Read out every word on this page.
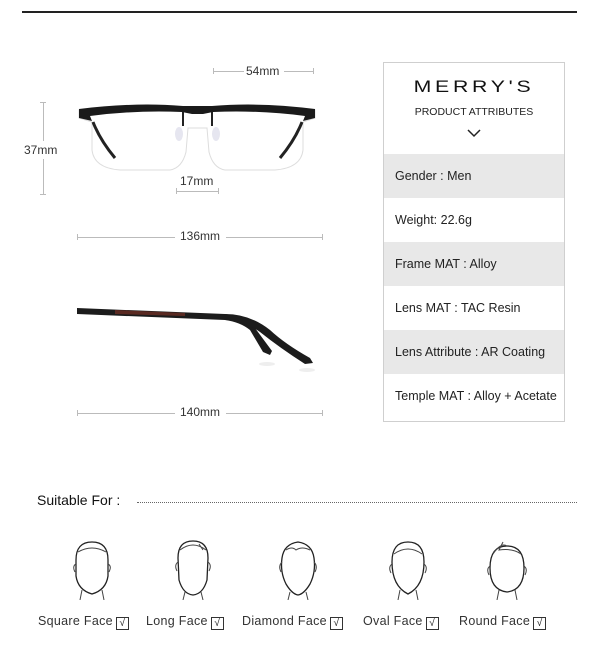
54mm
37mm
17mm
136mm
140mm
MERRY'S
PRODUCT ATTRIBUTES
Gender : Men
Weight: 22.6g
Frame MAT : Alloy
Lens MAT : TAC Resin
Lens Attribute : AR Coating
Temple MAT : Alloy + Acetate
Suitable For :
Square Face √ Long Face √ Diamond Face √ Oval Face √ Round Face √
